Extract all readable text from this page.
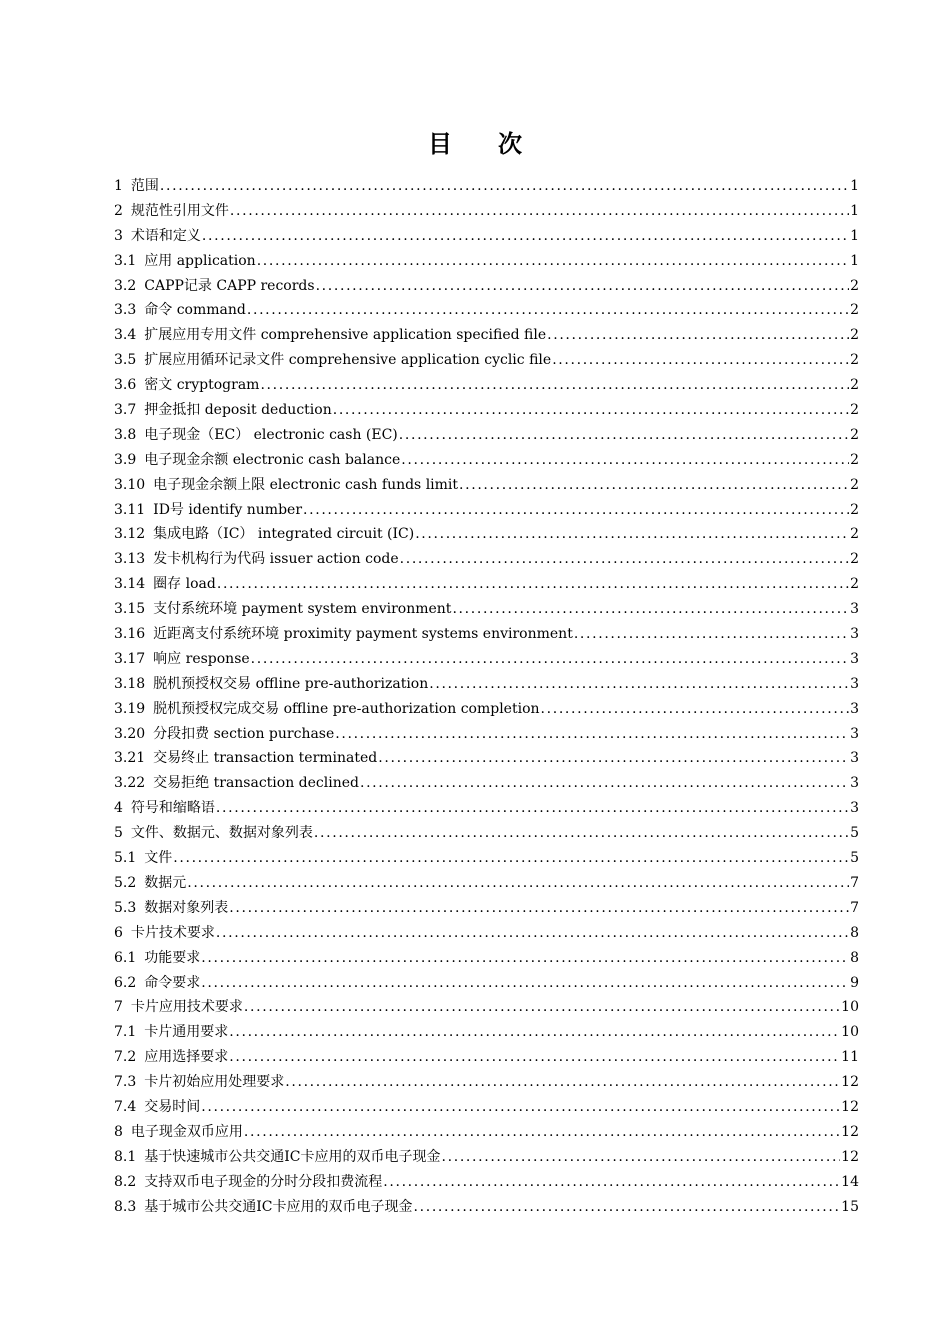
目 次
1 范围 . . .	1
2 规范性引用文件 . . .	1
3 术语和定义 . . .	1
3.1 应用 application . . .	1
3.2 CAPP记录 CAPP records . . .	2
3.3 命令 command . . .	2
3.4 扩展应用专用文件 comprehensive application specified file . . .	2
3.5 扩展应用循环记录文件 comprehensive application cyclic file . . .	2
3.6 密文 cryptogram . . .	2
3.7 押金抵扣 deposit deduction . . .	2
3.8 电子现金（EC） electronic cash (EC) . . .	2
3.9 电子现金余额 electronic cash balance . . .	2
3.10 电子现金余额上限 electronic cash funds limit . . .	2
3.11 ID号 identify number . . .	2
3.12 集成电路（IC） integrated circuit (IC) . . .	2
3.13 发卡机构行为代码 issuer action code . . .	2
3.14 圈存 load . . .	2
3.15 支付系统环境 payment system environment . . .	3
3.16 近距离支付系统环境 proximity payment systems environment . . .	3
3.17 响应 response . . .	3
3.18 脱机预授权交易 offline pre-authorization . . .	3
3.19 脱机预授权完成交易 offline pre-authorization completion . . .	3
3.20 分段扣费 section purchase . . .	3
3.21 交易终止 transaction terminated . . .	3
3.22 交易拒绝 transaction declined . . .	3
4 符号和缩略语 . . .	3
5 文件、数据元、数据对象列表 . . .	5
5.1 文件 . . .	5
5.2 数据元 . . .	7
5.3 数据对象列表 . . .	7
6 卡片技术要求 . . .	8
6.1 功能要求 . . .	8
6.2 命令要求 . . .	9
7 卡片应用技术要求 . . .	10
7.1 卡片通用要求 . . .	10
7.2 应用选择要求 . . .	11
7.3 卡片初始应用处理要求 . . .	12
7.4 交易时间 . . .	12
8 电子现金双币应用 . . .	12
8.1 基于快速城市公共交通IC卡应用的双币电子现金 . . .	12
8.2 支持双币电子现金的分时分段扣费流程 . . .	14
8.3 基于城市公共交通IC卡应用的双币电子现金 . . .	15
